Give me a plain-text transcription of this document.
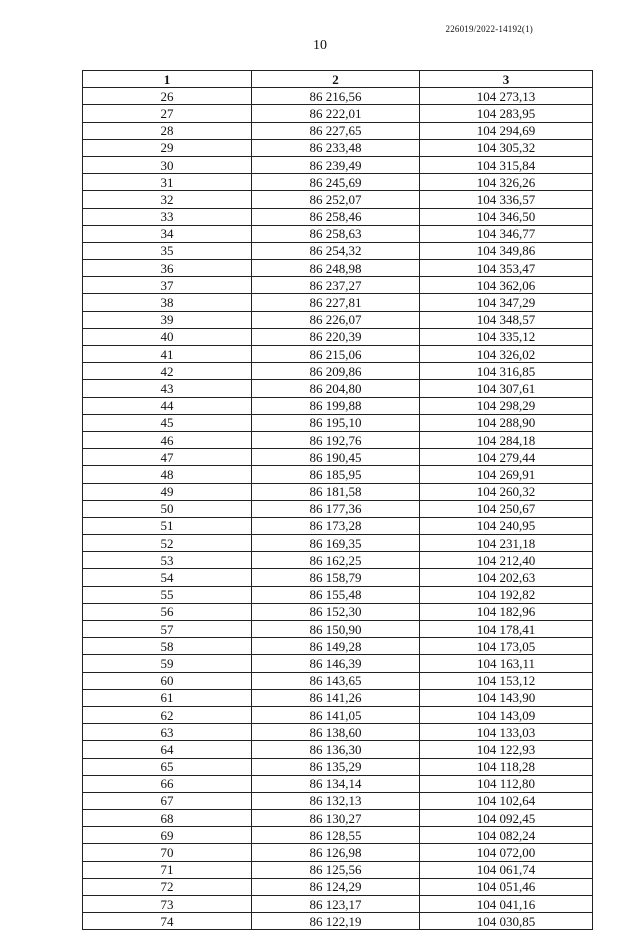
226019/2022-14192(1)
10
1	2	3
26	86 216,56	104 273,13
27	86 222,01	104 283,95
28	86 227,65	104 294,69
29	86 233,48	104 305,32
30	86 239,49	104 315,84
31	86 245,69	104 326,26
32	86 252,07	104 336,57
33	86 258,46	104 346,50
34	86 258,63	104 346,77
35	86 254,32	104 349,86
36	86 248,98	104 353,47
37	86 237,27	104 362,06
38	86 227,81	104 347,29
39	86 226,07	104 348,57
40	86 220,39	104 335,12
41	86 215,06	104 326,02
42	86 209,86	104 316,85
43	86 204,80	104 307,61
44	86 199,88	104 298,29
45	86 195,10	104 288,90
46	86 192,76	104 284,18
47	86 190,45	104 279,44
48	86 185,95	104 269,91
49	86 181,58	104 260,32
50	86 177,36	104 250,67
51	86 173,28	104 240,95
52	86 169,35	104 231,18
53	86 162,25	104 212,40
54	86 158,79	104 202,63
55	86 155,48	104 192,82
56	86 152,30	104 182,96
57	86 150,90	104 178,41
58	86 149,28	104 173,05
59	86 146,39	104 163,11
60	86 143,65	104 153,12
61	86 141,26	104 143,90
62	86 141,05	104 143,09
63	86 138,60	104 133,03
64	86 136,30	104 122,93
65	86 135,29	104 118,28
66	86 134,14	104 112,80
67	86 132,13	104 102,64
68	86 130,27	104 092,45
69	86 128,55	104 082,24
70	86 126,98	104 072,00
71	86 125,56	104 061,74
72	86 124,29	104 051,46
73	86 123,17	104 041,16
74	86 122,19	104 030,85
